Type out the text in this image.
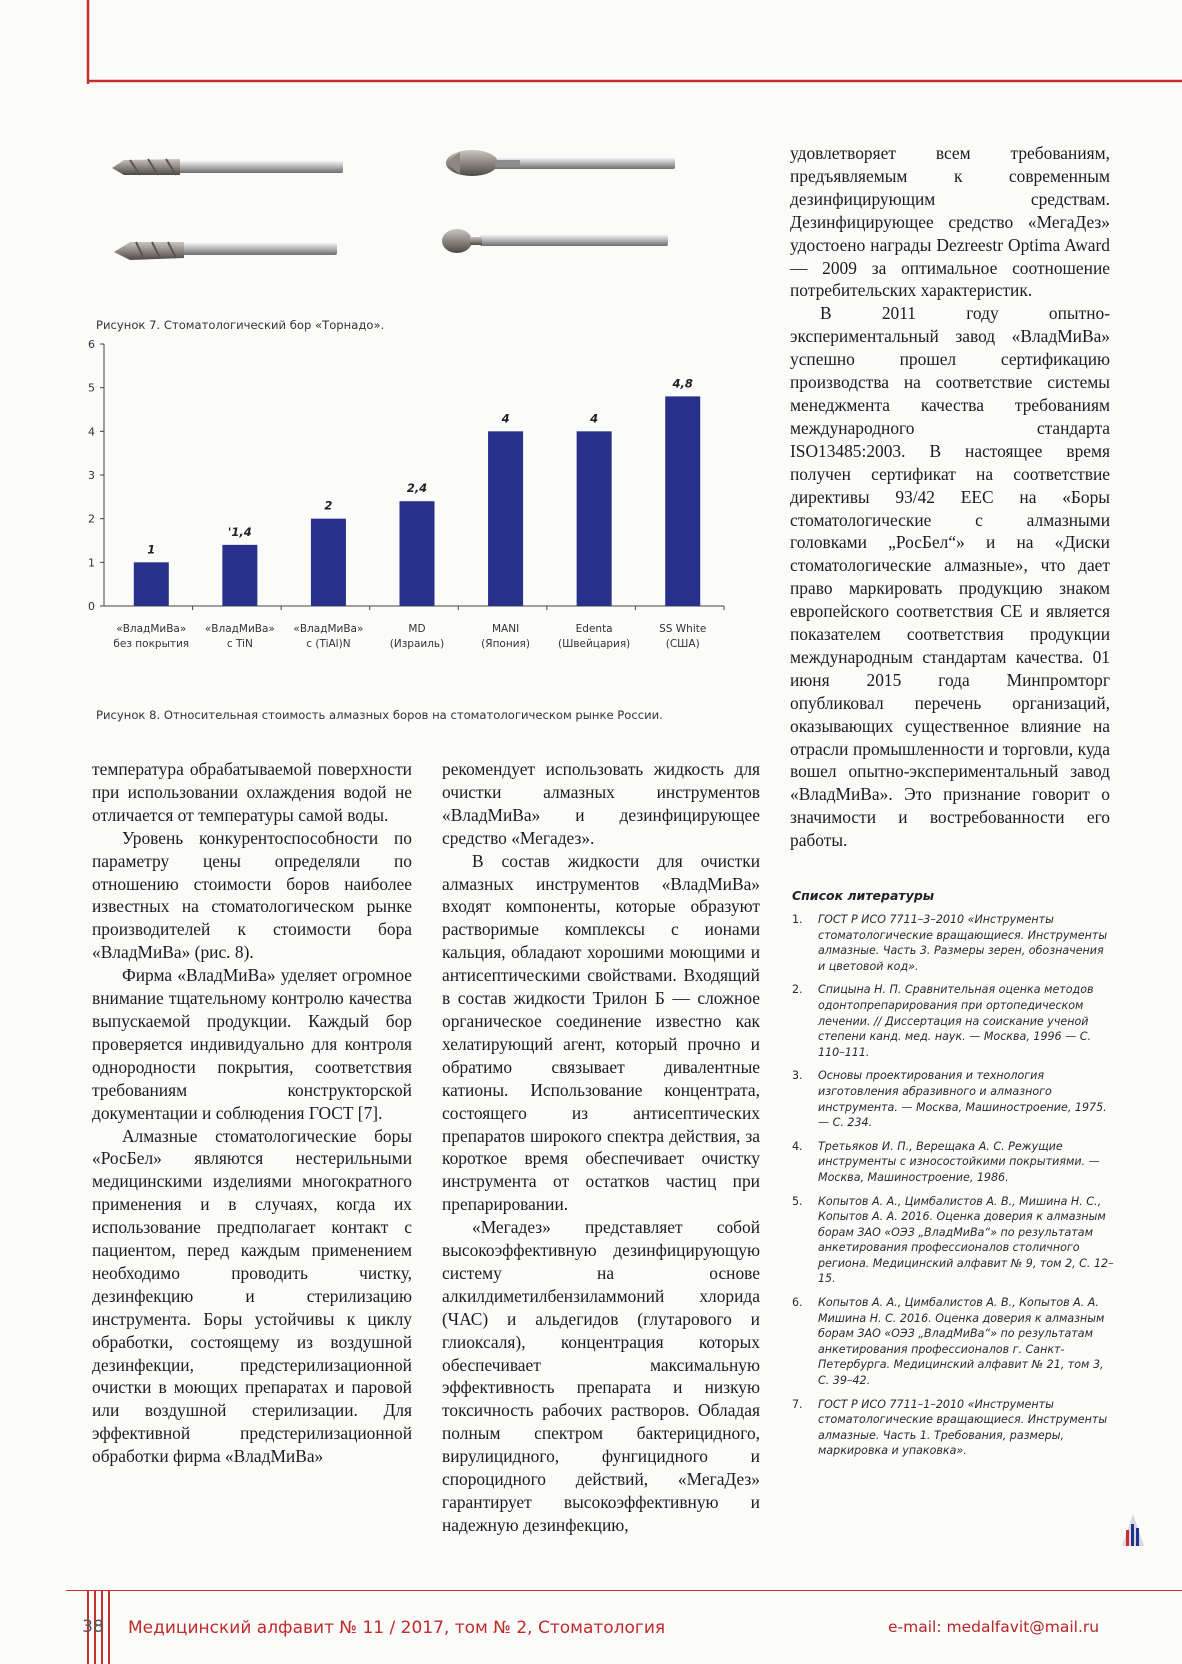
Рисунок 7. Стоматологический бор «Торнадо».
0
1
2
3
4
5
6
1
«ВладМиВа»
без покрытия
'1,4
«ВладМиВа»
с TiN
2
«ВладМиВа»
с (TiAl)N
2,4
MD
(Израиль)
4
MANI
(Япония)
4
Edenta
(Швейцария)
4,8
SS White
(США)
Рисунок 8. Относительная стоимость алмазных боров на стоматологическом рынке России.

температура обрабатываемой поверхности при использовании охлаждения водой не отличается от температуры самой воды.

Уровень конкурентоспособности по параметру цены определяли по отношению стоимости боров наиболее известных на стоматологическом рынке производителей к стоимости бора «ВладМиВа» (рис. 8).

Фирма «ВладМиВа» уделяет огромное внимание тщательному контролю качества выпускаемой продукции. Каждый бор проверяется индивидуально для контроля однородности покрытия, соответствия требованиям конструкторской документации и соблюдения ГОСТ [7].

Алмазные стоматологические боры «РосБел» являются нестерильными медицинскими изделиями многократного применения и в случаях, когда их использование предполагает контакт с пациентом, перед каждым применением необходимо проводить чистку, дезинфекцию и стерилизацию инструмента. Боры устойчивы к циклу обработки, состоящему из воздушной дезинфекции, предстерилизационной очистки в моющих препаратах и паровой или воздушной стерилизации. Для эффективной предстерилизационной обработки фирма «ВладМиВа»

рекомендует использовать жидкость для очистки алмазных инструментов «ВладМиВа» и дезинфицирующее средство «Мегадез».

В состав жидкости для очистки алмазных инструментов «ВладМиВа» входят компоненты, которые образуют растворимые комплексы с ионами кальция, обладают хорошими моющими и антисептическими свойствами. Входящий в состав жидкости Трилон Б — сложное органическое соединение известно как хелатирующий агент, который прочно и обратимо связывает дивалентные катионы. Использование концентрата, состоящего из антисептических препаратов широкого спектра действия, за короткое время обеспечивает очистку инструмента от остатков частиц при препарировании.

«Мегадез» представляет собой высокоэффективную дезинфицирующую систему на основе алкилдиметилбензиламмоний хлорида (ЧАС) и альдегидов (глутарового и глиоксаля), концентрация которых обеспечивает максимальную эффективность препарата и низкую токсичность рабочих растворов. Обладая полным спектром бактерицидного, вирулицидного, фунгицидного и спороцидного действий, «МегаДез» гарантирует высокоэффективную и надежную дезинфекцию,

удовлетворяет всем требованиям, предъявляемым к современным дезинфицирующим средствам. Дезинфицирующее средство «МегаДез» удостоено награды Dezreestr Optima Award — 2009 за оптимальное соотношение потребительских характеристик.

В 2011 году опытно-экспериментальный завод «ВладМиВа» успешно прошел сертификацию производства на соответствие системы менеджмента качества требованиям международного стандарта ISO13485:2003. В настоящее время получен сертификат на соответствие директивы 93/42 ЕЕС на «Боры стоматологические с алмазными головками „РосБел“» и на «Диски стоматологические алмазные», что дает право маркировать продукцию знаком европейского соответствия СЕ и является показателем соответствия продукции международным стандартам качества. 01 июня 2015 года Минпромторг опубликовал перечень организаций, оказывающих существенное влияние на отрасли промышленности и торговли, куда вошел опытно-экспериментальный завод «ВладМиВа». Это признание говорит о значимости и востребованности его работы.

Список литературы
1. ГОСТ Р ИСО 7711–3–2010 «Инструменты стоматологические вращающиеся. Инструменты алмазные. Часть 3. Размеры зерен, обозначения и цветовой код».
2. Спицына Н. П. Сравнительная оценка методов одонтопрепарирования при ортопедическом лечении. // Диссертация на соискание ученой степени канд. мед. наук. — Москва, 1996 — С. 110–111.
3. Основы проектирования и технология изготовления абразивного и алмазного инструмента. — Москва, Машиностроение, 1975. — С. 234.
4. Третьяков И. П., Верещака А. С. Режущие инструменты с износостойкими покрытиями. — Москва, Машиностроение, 1986.
5. Копытов А. А., Цимбалистов А. В., Мишина Н. С., Копытов А. А. 2016. Оценка доверия к алмазным борам ЗАО «ОЭЗ „ВладМиВа“» по результатам анкетирования профессионалов столичного региона. Медицинский алфавит № 9, том 2, С. 12–15.
6. Копытов А. А., Цимбалистов А. В., Копытов А. А. Мишина Н. С. 2016. Оценка доверия к алмазным борам ЗАО «ОЭЗ „ВладМиВа“» по результатам анкетирования профессионалов г. Санкт-Петербурга. Медицинский алфавит № 21, том 3, С. 39–42.
7. ГОСТ Р ИСО 7711–1–2010 «Инструменты стоматологические вращающиеся. Инструменты алмазные. Часть 1. Требования, размеры, маркировка и упаковка».
38 Медицинский алфавит № 11 / 2017, том № 2, Стоматология	e-mail: medalfavit@mail.ru
